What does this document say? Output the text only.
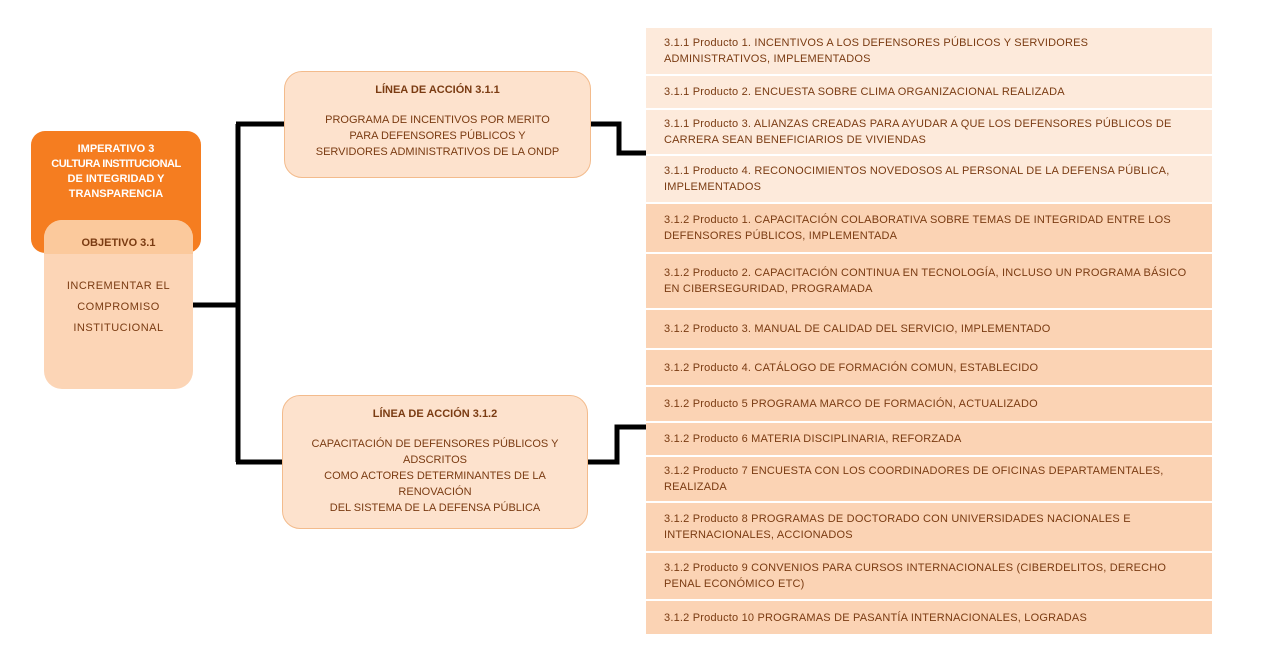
IMPERATIVO 3
CULTURA INSTITUCIONAL
DE INTEGRIDAD Y
TRANSPARENCIA
OBJETIVO 3.1
INCREMENTAR EL
COMPROMISO
INSTITUCIONAL
LÍNEA DE ACCIÓN 3.1.1
PROGRAMA DE INCENTIVOS POR MERITO
PARA DEFENSORES PÚBLICOS Y
SERVIDORES ADMINISTRATIVOS DE LA ONDP
LÍNEA DE ACCIÓN 3.1.2
CAPACITACIÓN DE DEFENSORES PÚBLICOS Y
ADSCRITOS
COMO ACTORES DETERMINANTES DE LA
RENOVACIÓN
DEL SISTEMA DE LA DEFENSA PÚBLICA
3.1.1 Producto 1. INCENTIVOS A LOS DEFENSORES PÚBLICOS Y SERVIDORES ADMINISTRATIVOS, IMPLEMENTADOS
3.1.1 Producto 2. ENCUESTA SOBRE CLIMA ORGANIZACIONAL REALIZADA
3.1.1 Producto 3. ALIANZAS CREADAS PARA AYUDAR A QUE LOS DEFENSORES PÚBLICOS DE CARRERA SEAN BENEFICIARIOS DE VIVIENDAS
3.1.1 Producto 4. RECONOCIMIENTOS NOVEDOSOS AL PERSONAL DE LA DEFENSA PÚBLICA, IMPLEMENTADOS
3.1.2 Producto 1. CAPACITACIÓN COLABORATIVA SOBRE TEMAS DE INTEGRIDAD ENTRE LOS DEFENSORES PÚBLICOS, IMPLEMENTADA
3.1.2 Producto 2. CAPACITACIÓN CONTINUA EN TECNOLOGÍA, INCLUSO UN PROGRAMA BÁSICO EN CIBERSEGURIDAD, PROGRAMADA
3.1.2 Producto 3. MANUAL DE CALIDAD DEL SERVICIO, IMPLEMENTADO
3.1.2 Producto 4. CATÁLOGO DE FORMACIÓN COMUN, ESTABLECIDO
3.1.2 Producto 5 PROGRAMA MARCO DE FORMACIÓN, ACTUALIZADO
3.1.2 Producto 6 MATERIA DISCIPLINARIA, REFORZADA
3.1.2 Producto 7 ENCUESTA CON LOS COORDINADORES DE OFICINAS DEPARTAMENTALES, REALIZADA
3.1.2 Producto 8 PROGRAMAS DE DOCTORADO CON UNIVERSIDADES NACIONALES E INTERNACIONALES, ACCIONADOS
3.1.2 Producto 9 CONVENIOS PARA CURSOS INTERNACIONALES (CIBERDELITOS, DERECHO PENAL ECONÓMICO ETC)
3.1.2 Producto 10 PROGRAMAS DE PASANTÍA INTERNACIONALES, LOGRADAS
